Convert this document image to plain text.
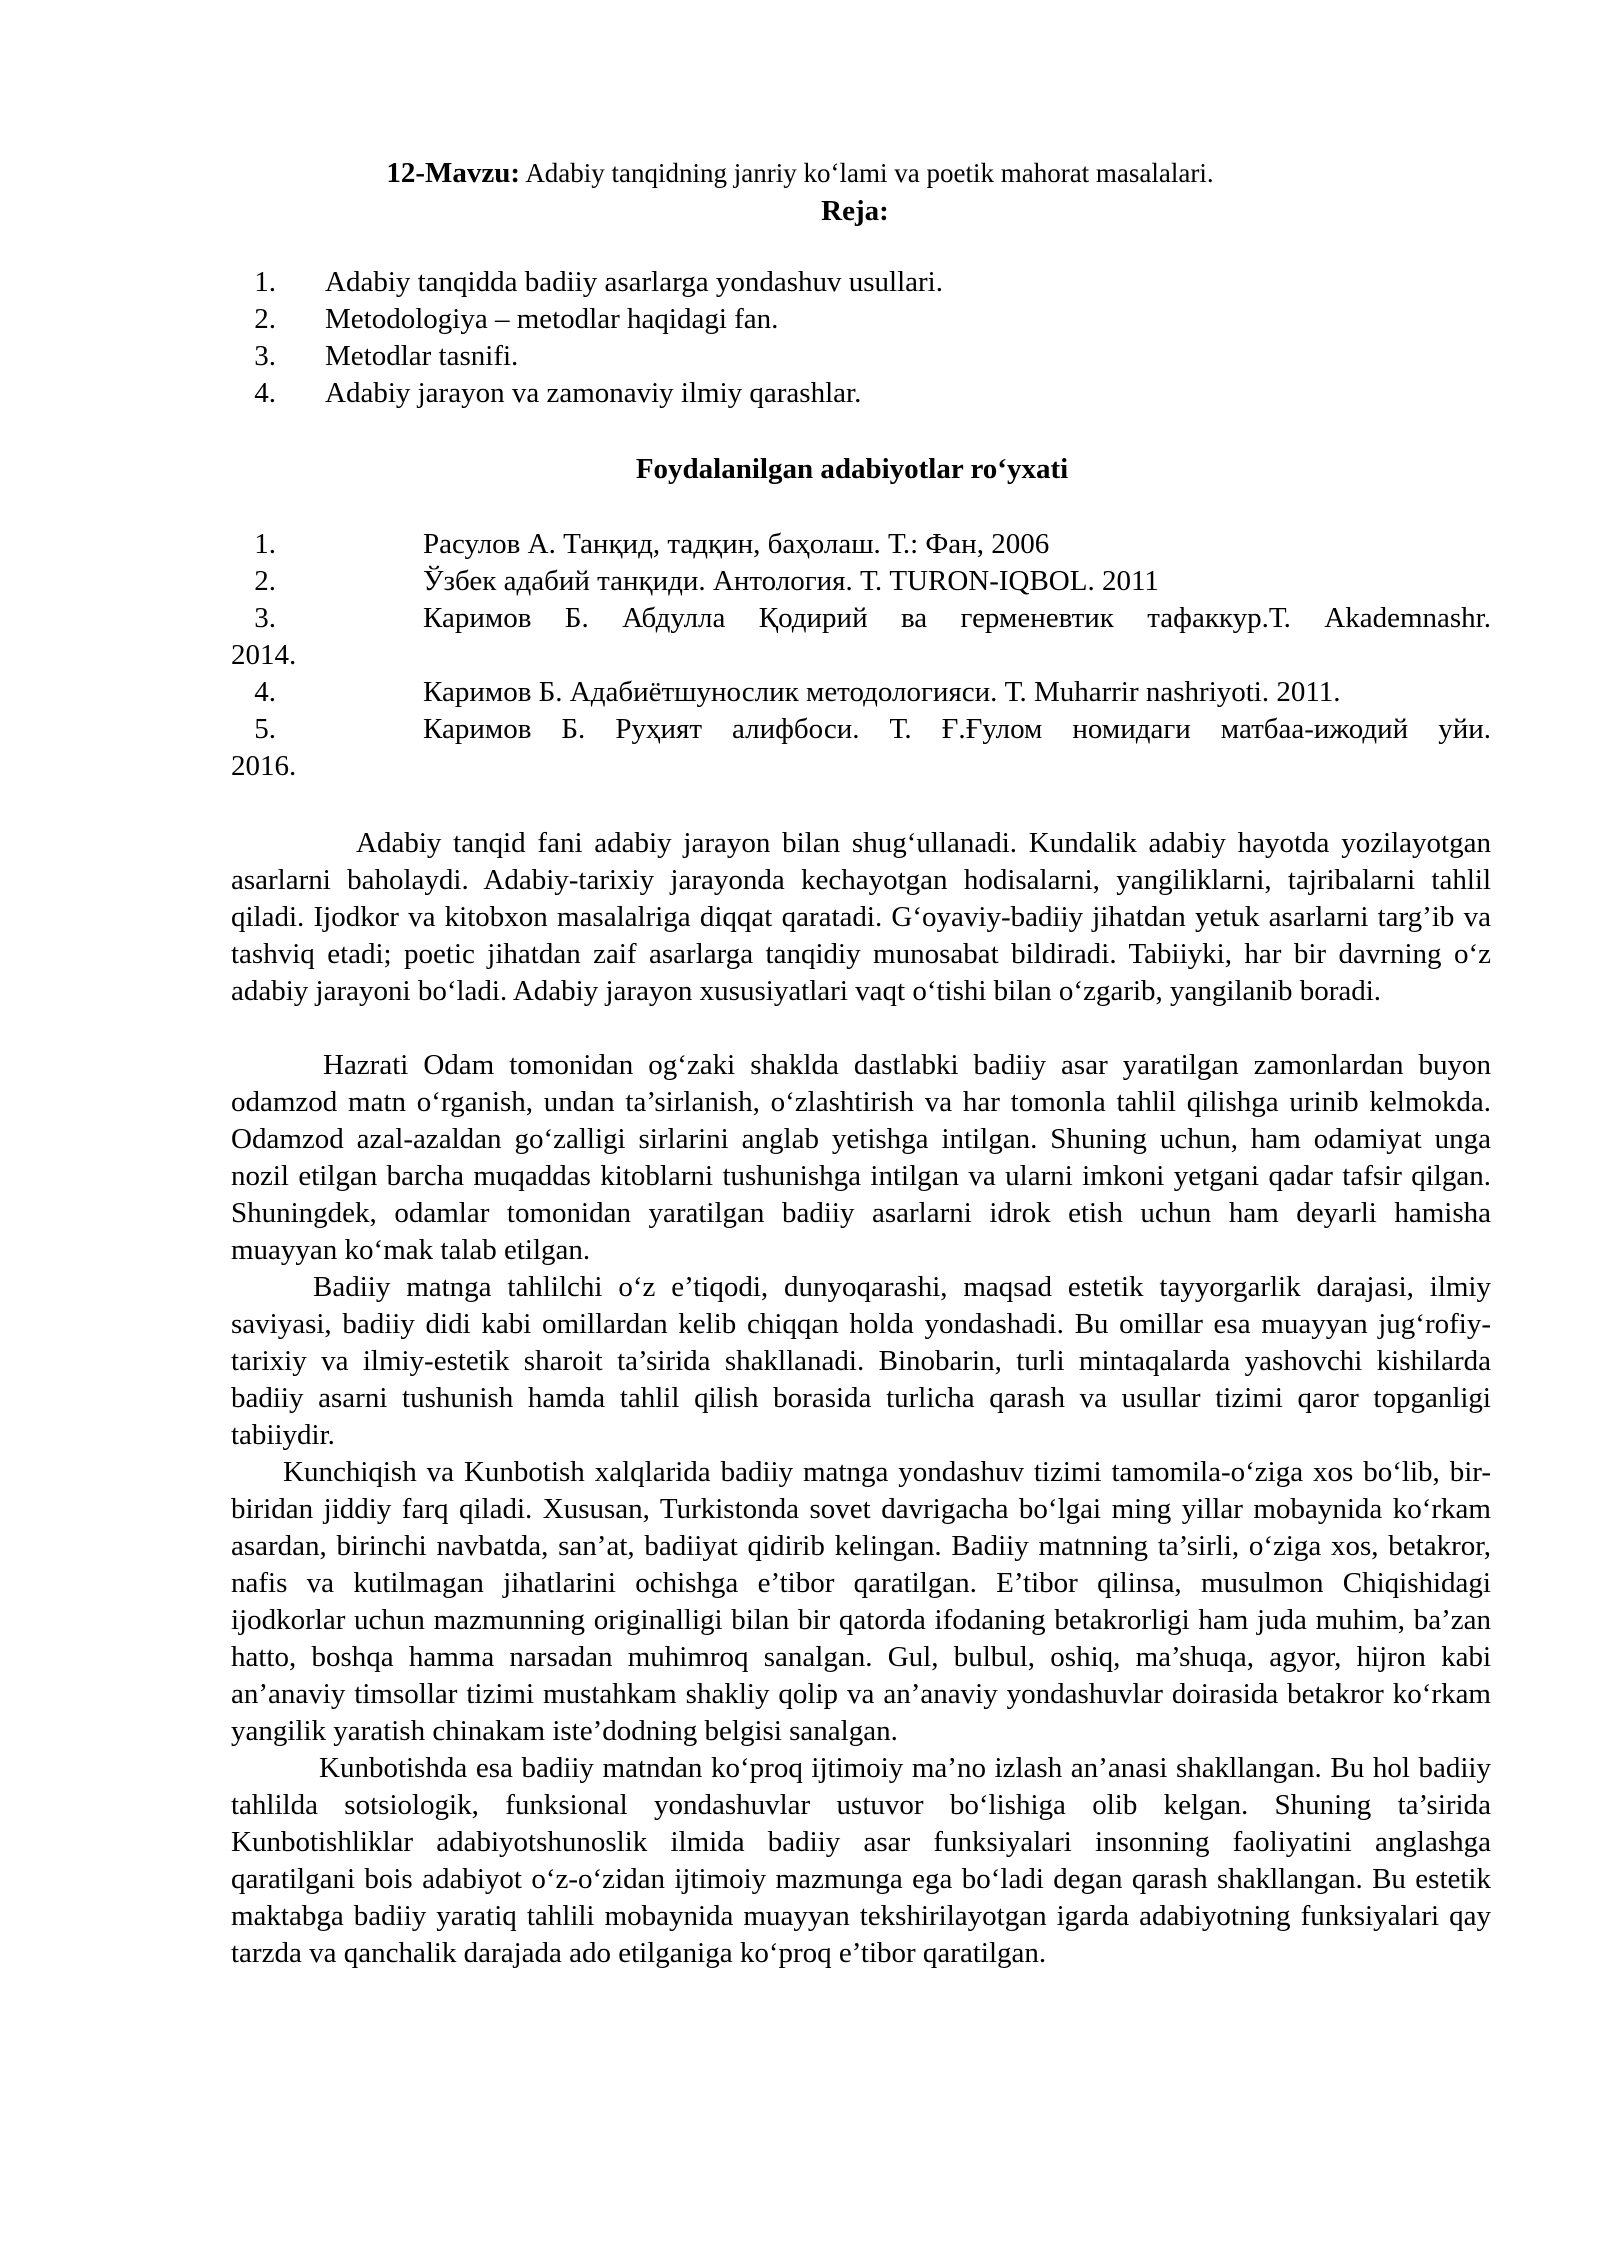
12-Mavzu: Adabiy tanqidning janriy ko‘lami va poetik mahorat masalalari.
Reja:
1. Adabiy tanqidda badiiy asarlarga yondashuv usullari.
2. Metodologiya – metodlar haqidagi fan.
3. Metodlar tasnifi.
4. Adabiy jarayon va zamonaviy ilmiy qarashlar.
Foydalanilgan adabiyotlar ro‘yxati
1.	Расулов А. Танқид, тадқин, баҳолаш. Т.: Фан, 2006
2.	Ўзбек адабий танқиди. Антология. Т. TURON-IQBOL. 2011
3.	Каримов Б. Абдулла Қодирий ва герменевтик тафаккур.Т. Akademnashr.
2014.
4.	Каримов Б. Адабиётшунослик методологияси. Т. Muharrir nashriyoti. 2011.
5.	Каримов Б. Руҳият алифбоси. Т. Ғ.Ғулом номидаги матбаа-ижодий уйи.
2016.

Adabiy tanqid fani adabiy jarayon bilan shug‘ullanadi. Kundalik adabiy hayotda yozilayotgan asarlarni baholaydi. Adabiy-tarixiy jarayonda kechayotgan hodisalarni, yangiliklarni, tajribalarni tahlil qiladi. Ijodkor va kitobxon masalalriga diqqat qaratadi. G‘oyaviy-badiiy jihatdan yetuk asarlarni targ’ib va tashviq etadi; poetic jihatdan zaif asarlarga tanqidiy munosabat bildiradi. Tabiiyki, har bir davrning o‘z adabiy jarayoni bo‘ladi. Adabiy jarayon xususiyatlari vaqt o‘tishi bilan o‘zgarib, yangilanib boradi.

Hazrati Odam tomonidan og‘zaki shaklda dastlabki badiiy asar yaratilgan zamonlardan buyon odamzod matn o‘rganish, undan ta’sirlanish, o‘zlashtirish va har tomonla tahlil qilishga urinib kelmokda. Odamzod azal-azaldan go‘zalligi sirlarini anglab yetishga intilgan. Shuning uchun, ham odamiyat unga nozil etilgan barcha muqaddas kitoblarni tushunishga intilgan va ularni imkoni yetgani qadar tafsir qilgan. Shuningdek, odamlar tomonidan yaratilgan badiiy asarlarni idrok etish uchun ham deyarli hamisha muayyan ko‘mak talab etilgan.

Badiiy matnga tahlilchi o‘z e’tiqodi, dunyoqarashi, maqsad estetik tayyorgarlik darajasi, ilmiy saviyasi, badiiy didi kabi omillardan kelib chiqqan holda yondashadi. Bu omillar esa muayyan jug‘rofiy-tarixiy va ilmiy-estetik sharoit ta’sirida shakllanadi. Binobarin, turli mintaqalarda yashovchi kishilarda badiiy asarni tushunish hamda tahlil qilish borasida turlicha qarash va usullar tizimi qaror topganligi tabiiydir.

Kunchiqish va Kunbotish xalqlarida badiiy matnga yondashuv tizimi tamomila-o‘ziga xos bo‘lib, bir-biridan jiddiy farq qiladi. Xususan, Turkistonda sovet davrigacha bo‘lgai ming yillar mobaynida ko‘rkam asardan, birinchi navbatda, san’at, badiiyat qidirib kelingan. Badiiy matnning ta’sirli, o‘ziga xos, betakror, nafis va kutilmagan jihatlarini ochishga e’tibor qaratilgan. E’tibor qilinsa, musulmon Chiqishidagi ijodkorlar uchun mazmunning originalligi bilan bir qatorda ifodaning betakrorligi ham juda muhim, ba’zan hatto, boshqa hamma narsadan muhimroq sanalgan. Gul, bulbul, oshiq, ma’shuqa, agyor, hijron kabi an’anaviy timsollar tizimi mustahkam shakliy qolip va an’anaviy yondashuvlar doirasida betakror ko‘rkam yangilik yaratish chinakam iste’dodning belgisi sanalgan.

Kunbotishda esa badiiy matndan ko‘proq ijtimoiy ma’no izlash an’anasi shakllangan. Bu hol badiiy tahlilda sotsiologik, funksional yondashuvlar ustuvor bo‘lishiga olib kelgan. Shuning ta’sirida Kunbotishliklar adabiyotshunoslik ilmida badiiy asar funksiyalari insonning faoliyatini anglashga qaratilgani bois adabiyot o‘z-o‘zidan ijtimoiy mazmunga ega bo‘ladi degan qarash shakllangan. Bu estetik maktabga badiiy yaratiq tahlili mobaynida muayyan tekshirilayotgan igarda adabiyotning funksiyalari qay tarzda va qanchalik darajada ado etilganiga ko‘proq e’tibor qaratilgan.
